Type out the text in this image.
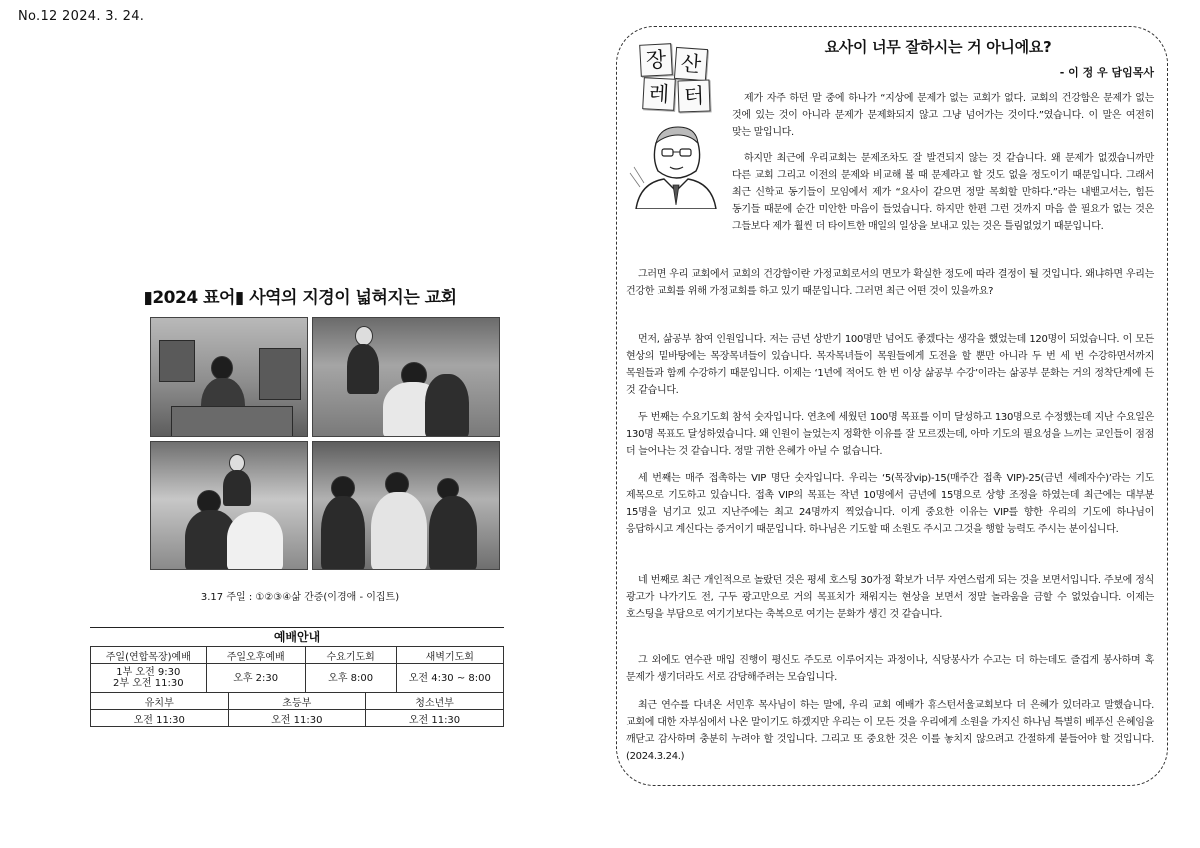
No.12 2024. 3. 24.
▮2024 표어▮ 사역의 지경이 넓혀지는 교회
3.17 주일 : ①②③④삶 간증(이경애 - 이집트)
예배안내
주일(연합목장)예배	주일오후예배	수요기도회	새벽기도회

1부 오전 9:30
2부 오전 11:30	오후 2:30	오후 8:00	오전 4:30 ~ 8:00
유치부	초등부	청소년부
오전 11:30	오전 11:30	오전 11:30
장 산
레 터
요사이 너무 잘하시는 거 아니에요?
- 이 정 우 담임목사

제가 자주 하던 말 중에 하나가 “지상에 문제가 없는 교회가 없다. 교회의 건강함은 문제가 없는 것에 있는 것이 아니라 문제가 문제화되지 않고 그냥 넘어가는 것이다.”였습니다. 이 말은 여전히 맞는 말입니다.

하지만 최근에 우리교회는 문제조차도 잘 발견되지 않는 것 같습니다. 왜 문제가 없겠습니까만 다른 교회 그리고 이전의 문제와 비교해 볼 때 문제라고 할 것도 없을 정도이기 때문입니다. 그래서 최근 신학교 동기들이 모임에서 제가 “요사이 같으면 정말 목회할 만하다.”라는 내뱉고서는, 힘든 동기들 때문에 순간 미안한 마음이 들었습니다. 하지만 한편 그런 것까지 마음 쓸 필요가 없는 것은 그들보다 제가 훨씬 더 타이트한 매일의 일상을 보내고 있는 것은 틀림없었기 때문입니다.

그러면 우리 교회에서 교회의 건강함이란 가정교회로서의 면모가 확실한 정도에 따라 결정이 될 것입니다. 왜냐하면 우리는 건강한 교회를 위해 가정교회를 하고 있기 때문입니다. 그러면 최근 어떤 것이 있을까요?

먼저, 삶공부 참여 인원입니다. 저는 금년 상반기 100명만 넘어도 좋겠다는 생각을 했었는데 120명이 되었습니다. 이 모든 현상의 밑바탕에는 목장목녀들이 있습니다. 목자목녀들이 목원들에게 도전을 할 뿐만 아니라 두 번 세 번 수강하면서까지 목원들과 함께 수강하기 때문입니다. 이제는 ‘1년에 적어도 한 번 이상 삶공부 수강’이라는 삶공부 문화는 거의 정착단계에 든 것 같습니다.

두 번째는 수요기도회 참석 숫자입니다. 연초에 세웠던 100명 목표를 이미 달성하고 130명으로 수정했는데 지난 수요일은 130명 목표도 달성하였습니다. 왜 인원이 늘었는지 정확한 이유를 잘 모르겠는데, 아마 기도의 필요성을 느끼는 교인들이 점점 더 늘어나는 것 같습니다. 정말 귀한 은혜가 아닐 수 없습니다.

세 번째는 매주 접촉하는 VIP 명단 숫자입니다. 우리는 ‘5(목장vip)-15(매주간 접촉 VIP)-25(금년 세례자수)’라는 기도 제목으로 기도하고 있습니다. 접촉 VIP의 목표는 작년 10명에서 금년에 15명으로 상향 조정을 하였는데 최근에는 대부분 15명을 넘기고 있고 지난주에는 최고 24명까지 찍었습니다. 이게 중요한 이유는 VIP를 향한 우리의 기도에 하나님이 응답하시고 계신다는 증거이기 때문입니다. 하나님은 기도할 때 소원도 주시고 그것을 행할 능력도 주시는 분이십니다.

네 번째로 최근 개인적으로 놀랐던 것은 평세 호스팅 30가정 확보가 너무 자연스럽게 되는 것을 보면서입니다. 주보에 정식 광고가 나가기도 전, 구두 광고만으로 거의 목표치가 채워지는 현상을 보면서 정말 놀라움을 금할 수 없었습니다. 이제는 호스팅을 부담으로 여기기보다는 축복으로 여기는 문화가 생긴 것 같습니다.

그 외에도 연수관 매입 진행이 평신도 주도로 이루어지는 과정이나, 식당봉사가 수고는 더 하는데도 즐겁게 봉사하며 혹 문제가 생기더라도 서로 감당해주려는 모습입니다.

최근 연수를 다녀온 서민후 목사님이 하는 말에, 우리 교회 예배가 휴스턴서울교회보다 더 은혜가 있더라고 말했습니다. 교회에 대한 자부심에서 나온 말이기도 하겠지만 우리는 이 모든 것을 우리에게 소원을 가지신 하나님 특별히 베푸신 은혜임을 깨닫고 감사하며 충분히 누려야 할 것입니다. 그리고 또 중요한 것은 이를 놓치지 않으려고 간절하게 붙들어야 할 것입니다.(2024.3.24.)
